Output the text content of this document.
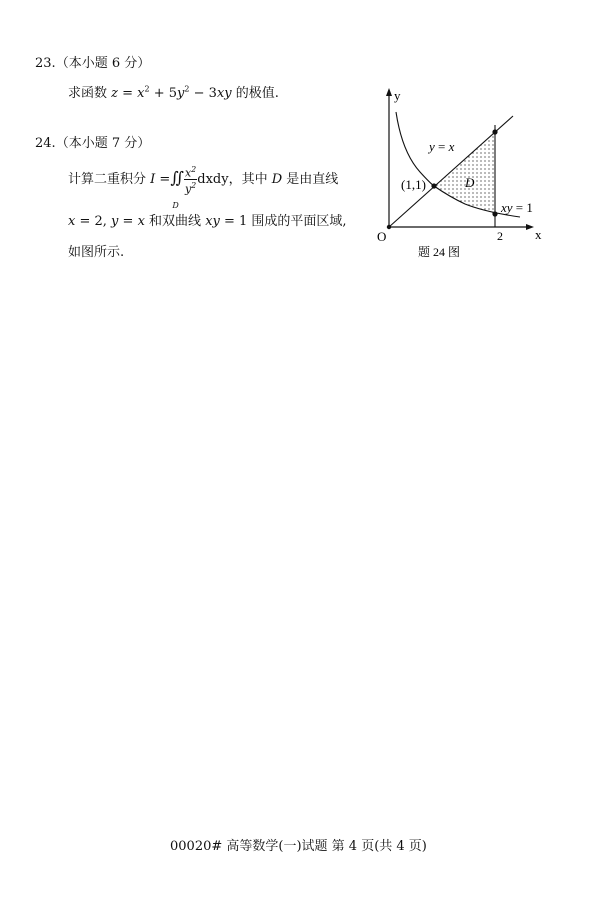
23.（本小题 6 分）
求函数 $z = x^2 + 5y^2 - 3xy$ 的极值.
24.（本小题 7 分）
计算二重积分 I =∬
D
$\frac{x^2}{y^2}$ dxdy，其中 D 是由直线
x = 2, y = x 和双曲线 xy = 1 围成的平面区域,
如图所示.
y
x
O
y = x
(1,1)	D
xy = 1
2
题 24 图
00020# 高等数学(一)试题 第 4 页(共 4 页)
